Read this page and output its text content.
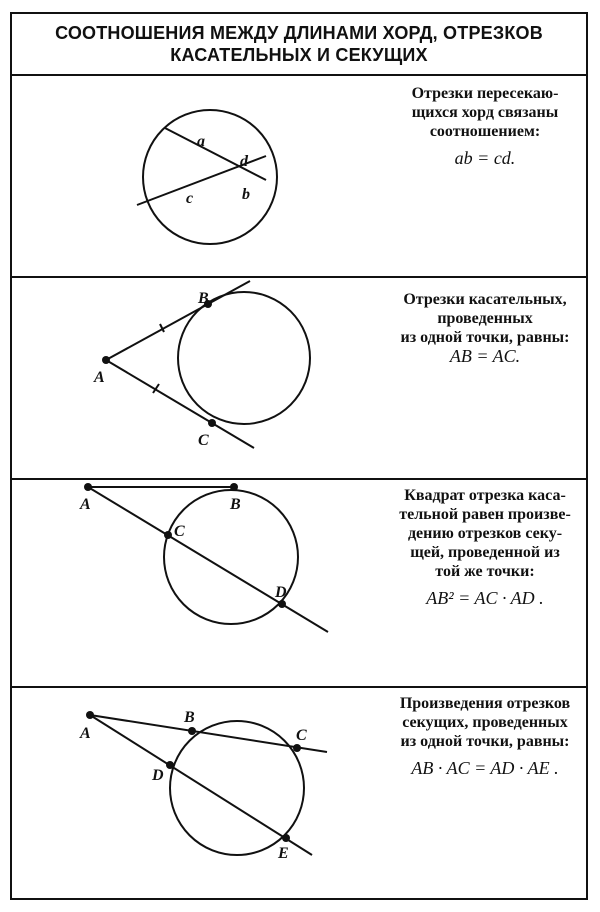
СООТНОШЕНИЯ МЕЖДУ ДЛИНАМИ ХОРД, ОТРЕЗКОВ
КАСАТЕЛЬНЫХ И СЕКУЩИХ
a
d
b
c
Отрезки пересекаю-
щихся хорд связаны
соотношением:
ab = cd.
A
B
C
Отрезки касательных,
проведенных
из одной точки, равны:
AB = AC.
A	B
C
D
Квадрат отрезка каса-
тельной равен произве-
дению отрезков секу-
щей, проведенной из
той же точки:
AB² = AC · AD .
A
B
C
D
E
Произведения отрезков
секущих, проведенных
из одной точки, равны:
AB · AC = AD · AE .
